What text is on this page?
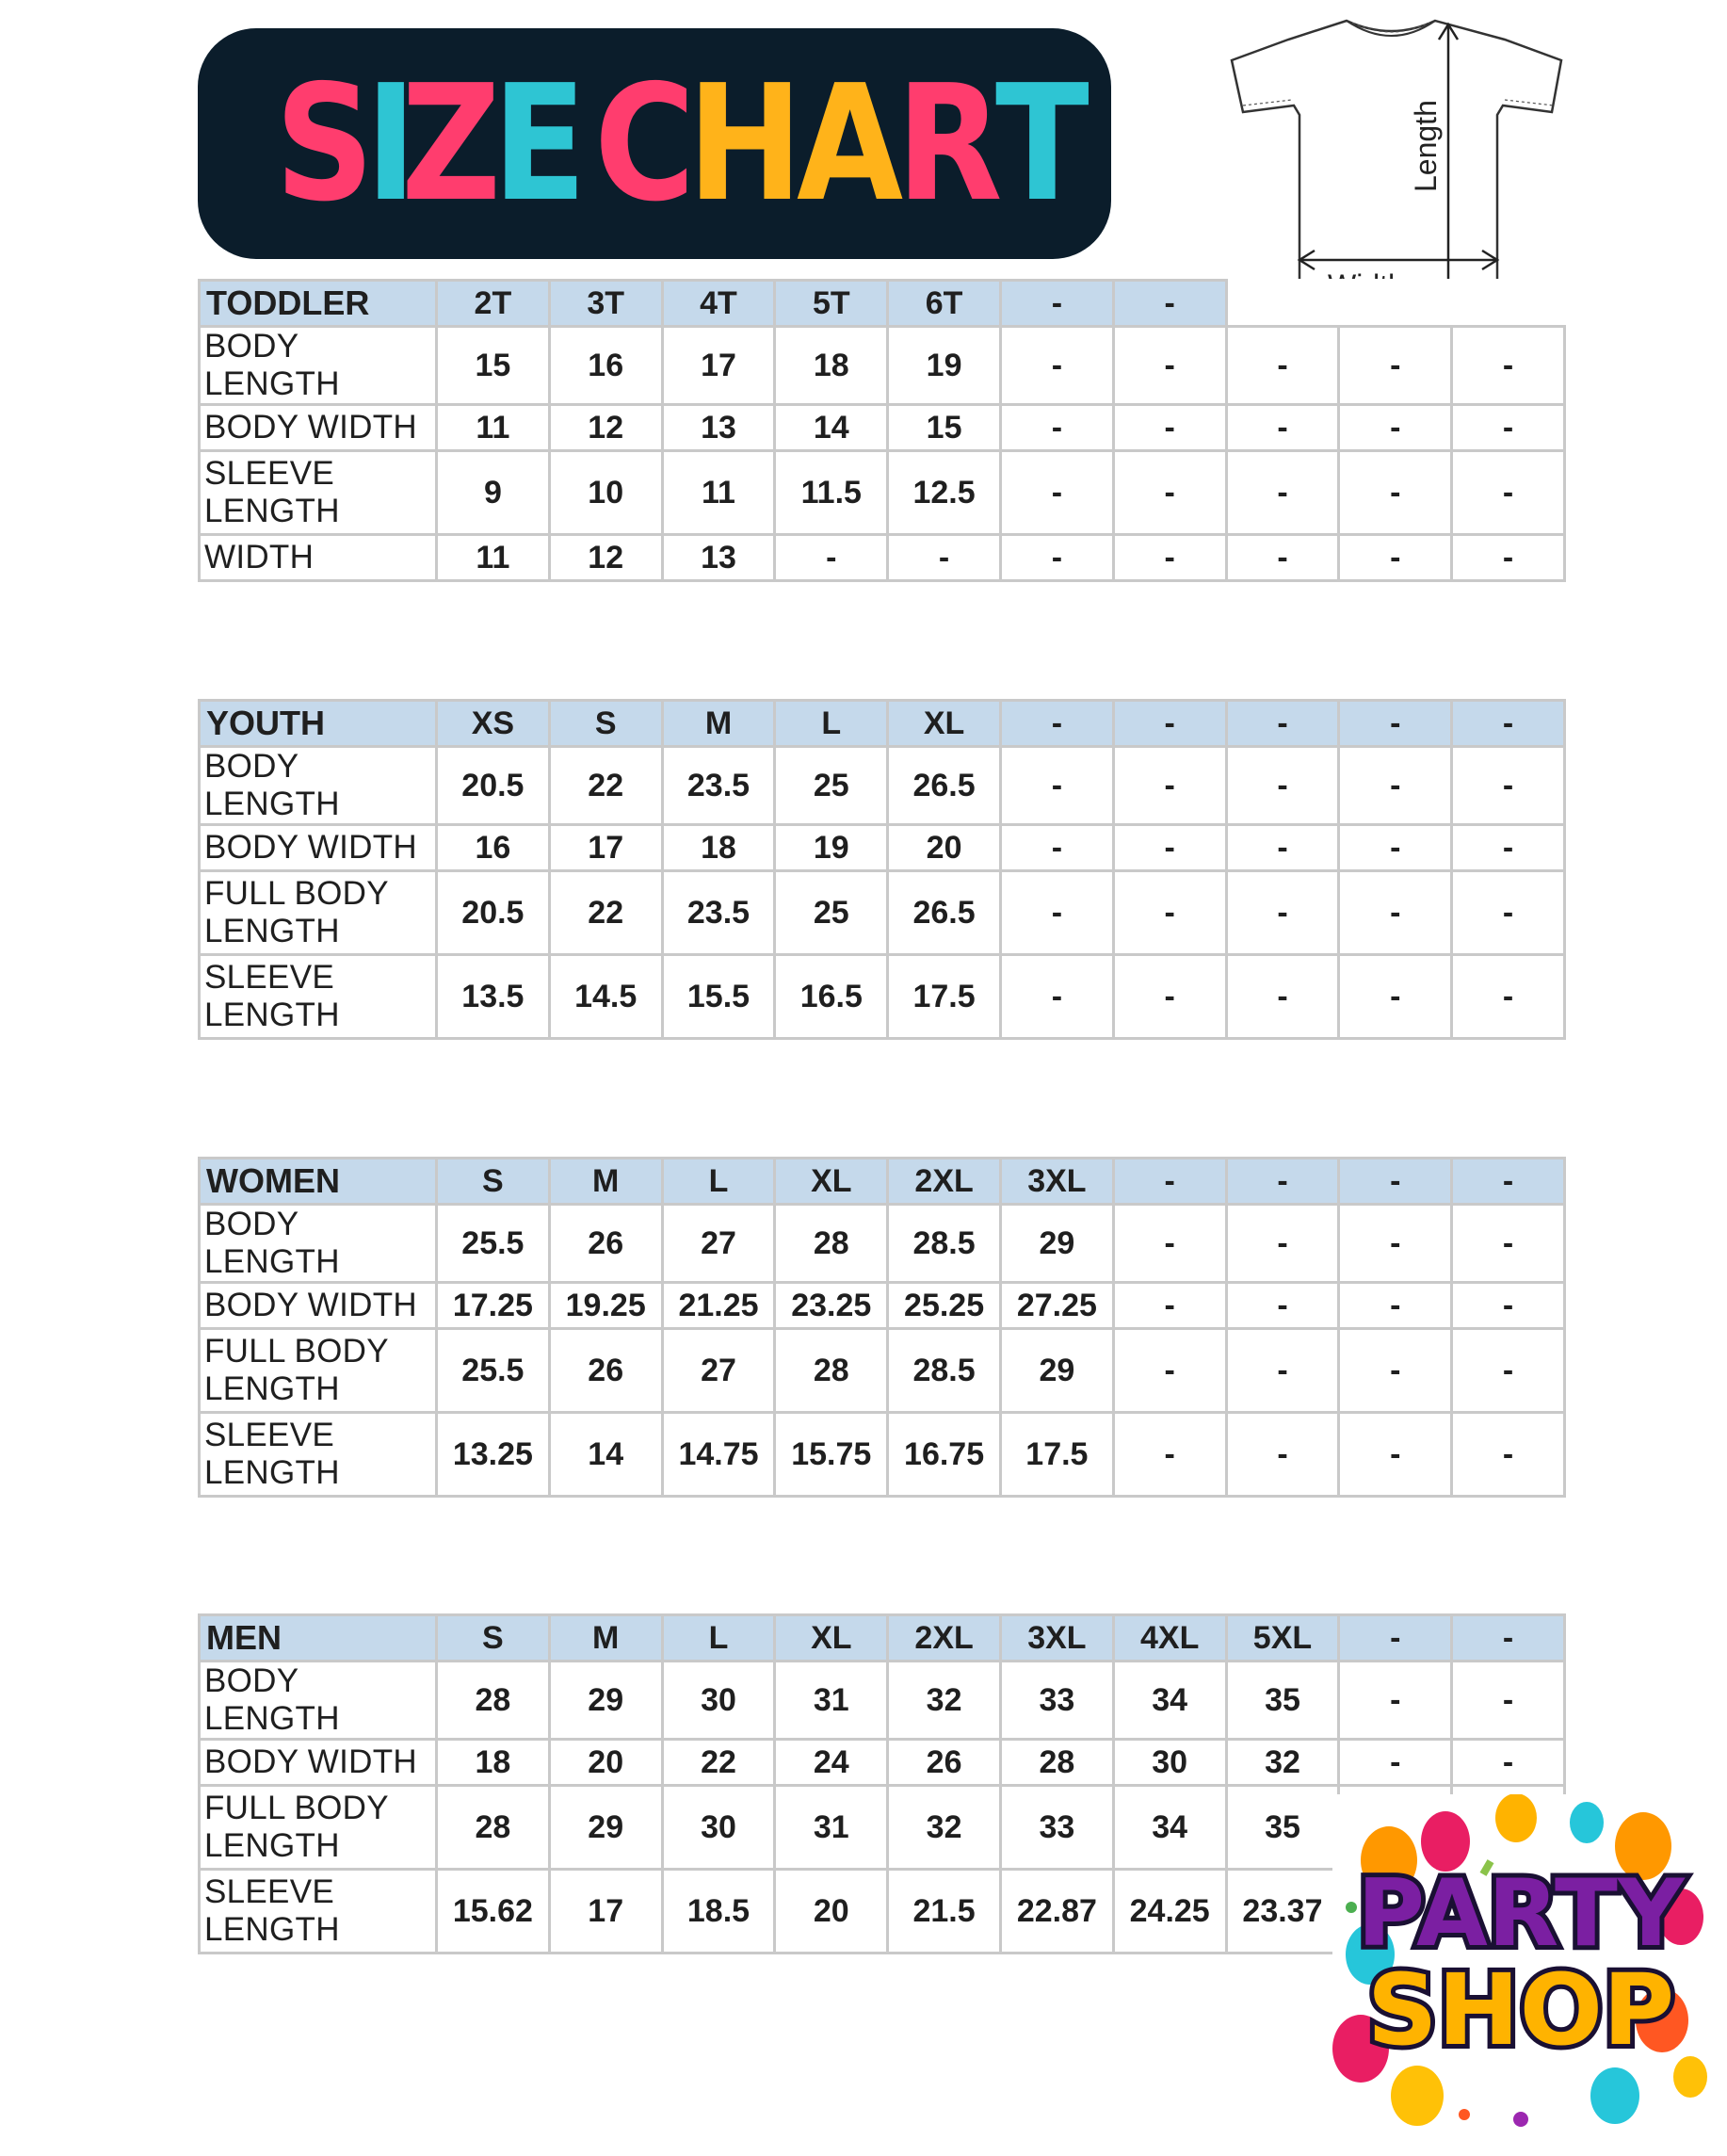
S
I
Z
E C
H
A
R
T	Length
TODDLER	2T	3T	4T	5T	6T	-	-			
BODY LENGTH	15	16	17	18	19	-	-	-	-	-
BODY WIDTH	11	12	13	14	15	-	-	-	-	-
SLEEVE LENGTH	9	10	11	11.5	12.5	-	-	-	-	-
WIDTH	11	12	13	-	-	-	-	-	-	-
YOUTH	XS	S	M	L	XL	-	-	-	-	-
BODY LENGTH	20.5	22	23.5	25	26.5	-	-	-	-	-
BODY WIDTH	16	17	18	19	20	-	-	-	-	-
FULL BODY LENGTH	20.5	22	23.5	25	26.5	-	-	-	-	-
SLEEVE LENGTH	13.5	14.5	15.5	16.5	17.5	-	-	-	-	-
WOMEN	S	M	L	XL	2XL	3XL	-	-	-	-
BODY LENGTH	25.5	26	27	28	28.5	29	-	-	-	-
BODY WIDTH	17.25	19.25	21.25	23.25	25.25	27.25	-	-	-	-
FULL BODY LENGTH	25.5	26	27	28	28.5	29	-	-	-	-
SLEEVE LENGTH	13.25	14	14.75	15.75	16.75	17.5	-	-	-	-
MEN	S	M	L	XL	2XL	3XL	4XL	5XL	-	-
BODY LENGTH	28	29	30	31	32	33	34	35	-	-
BODY WIDTH	18	20	22	24	26	28	30	32	-	-
FULL BODY LENGTH	28	29	30	31	32	33	34	35		
SLEEVE LENGTH	15.62	17	18.5	20	21.5	22.87	24.25	23.37		PARTY
SHOP
